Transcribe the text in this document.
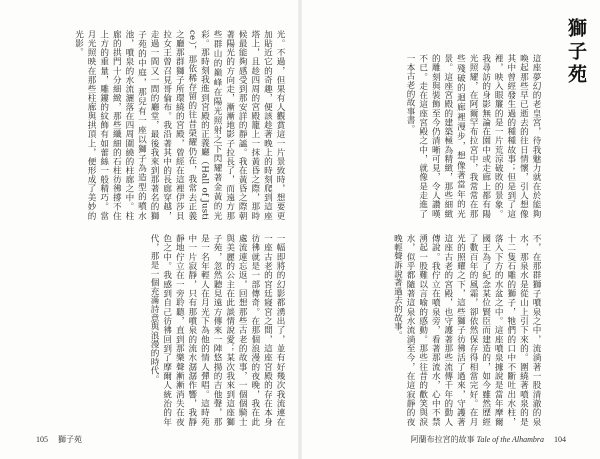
光。不過，但果有人觀賞這一片景致時，想要更加貼近它的奇趣，便該趁著晚上的時刻爬到這座塔上，且趁四周的宮殿籠上一抹黃昏之際，那時候最能夠感受到那安詳的靜謐。我在黃昏之際朝著陽光的方向走，漸漸地影子拉長了，而遠方那些群山的巔峰在陽光照射之下閃耀著金黃的光彩。那時刻我進到宮殿的正義廳（Hall of Justice），那依稀存留的往昔榮耀仍在，我常去正義之廳那群獅子所環繞的宮殿，曾經在這裡伊莎貝拉女王曾召見哥倫布。我沿著其中的長廊穿越，走過一間又一間的廳堂，最後我來到那著名的獅子苑的中庭，那兒有一座以獅子為造型的噴水池，噴泉的水流灑落在四周圍繞的柱廊之中。柱廊的拱門十分細緻，那些纖細的石柱彷彿撐不住上方的重量，雕鏤的紋飾有如蕾絲一般精巧。當月光照映在那些柱廊與拱頂上，便形成了美妙的光影。
一幅即將的幻影都湧出了，並有好幾次我流連在一座古老的宮廷寢宮之間，這座宮殿的存在本身彷彿就是一部傳奇。在那個浪漫的夜晚，我在此處流連忘返，回想那些古老的故事，一個個騎士與美麗的公主在此談情說愛；某次我來到這座獅子苑，忽然聽見遠方傳來一陣悠揚的吉他聲，那是一名年輕人在月光下為他的情人彈唱。這時苑中一片寂靜，只有那噴泉的流水潺潺作響，我靜靜地佇立在一旁聆聽，直到那樂聲漸漸消失在夜色之中。我感到自己彷彿回到了摩爾人統治的年代，那是一個充滿詩意與浪漫的時代。
105 獅子苑
獅子苑
這座夢幻的老皇宮，待我魅力就在於能夠喚起那些早已逝去的往日情懷，引人想像其中曾經發生過的種種故事；但是到了這裡，映入眼簾的是一片荒涼破敗的景象。我尋訪的身影無論在園中或走廊上都有陽光照耀，在阿爾罕布拉宮中，我常常在那些殘破的迴廊裡漫步，想像著當年的光景。這座宮殿的建築極為精緻，那些細緻的雕刻與裝飾至今仍清晰可見，令人讚嘆不已。走在這座宮殿之中，就像是走進了一本古老的故事書。
不，在那群獅子噴泉之中，流淌著一股清澈的泉水，那泉水是從山上引下來的。圍繞著噴泉的是十二隻石雕的獅子，牠們的口中不斷吐出水柱，落入下方的水盆之中。這座噴泉據說是當年摩爾國王為了紀念某位賢臣而建造的，如今雖然歷經了數百年的風霜，卻依然保存得相當完好。在月光的照耀之下，這些獅子彷彿活了過來，守護著這座古老的宮殿，也守護著那些流傳千年的動人傳說。我佇立在噴泉旁，看著那流水，心中不禁湧起一股難以言喻的感動。那些往昔的歡笑與淚水，似乎都隨著這泉水流淌至今，在這寂靜的夜晚輕聲訴說著過去的故事。
阿蘭布拉宮的故事 Tale of the Alhambra 104
